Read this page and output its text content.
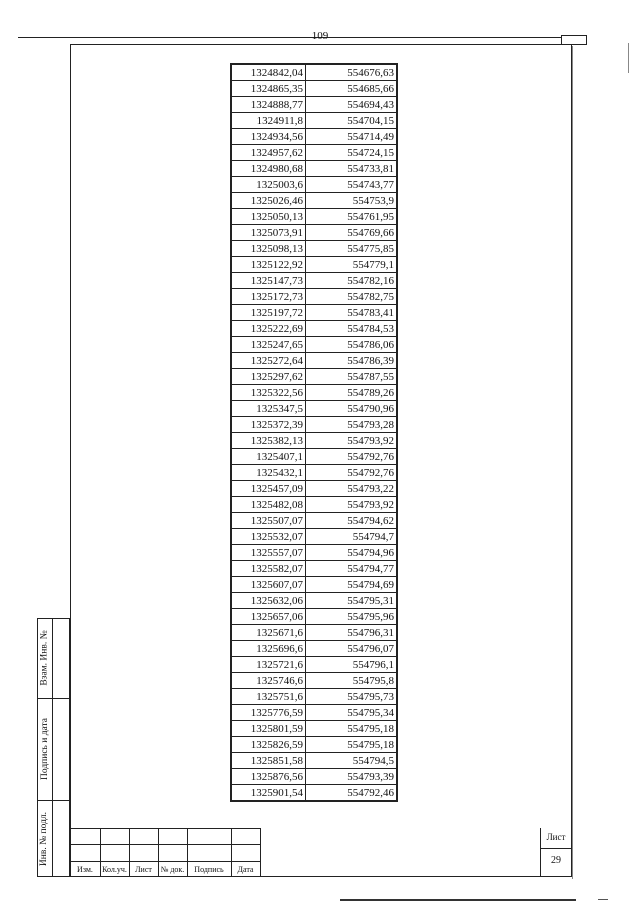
109
1324842,04	554676,63
1324865,35	554685,66
1324888,77	554694,43
1324911,8	554704,15
1324934,56	554714,49
1324957,62	554724,15
1324980,68	554733,81
1325003,6	554743,77
1325026,46	554753,9
1325050,13	554761,95
1325073,91	554769,66
1325098,13	554775,85
1325122,92	554779,1
1325147,73	554782,16
1325172,73	554782,75
1325197,72	554783,41
1325222,69	554784,53
1325247,65	554786,06
1325272,64	554786,39
1325297,62	554787,55
1325322,56	554789,26
1325347,5	554790,96
1325372,39	554793,28
1325382,13	554793,92
1325407,1	554792,76
1325432,1	554792,76
1325457,09	554793,22
1325482,08	554793,92
1325507,07	554794,62
1325532,07	554794,7
1325557,07	554794,96
1325582,07	554794,77
1325607,07	554794,69
1325632,06	554795,31
1325657,06	554795,96
1325671,6	554796,31
1325696,6	554796,07
1325721,6	554796,1
1325746,6	554795,8
1325751,6	554795,73
1325776,59	554795,34
1325801,59	554795,18
1325826,59	554795,18
1325851,58	554794,5
1325876,56	554793,39
1325901,54	554792,46
Взам. Инв. №
Подпись и дата
Инв. № подл.
Изм.	Кол.уч.	Лист	№ док.	Подпись	Дата
Лист
29
